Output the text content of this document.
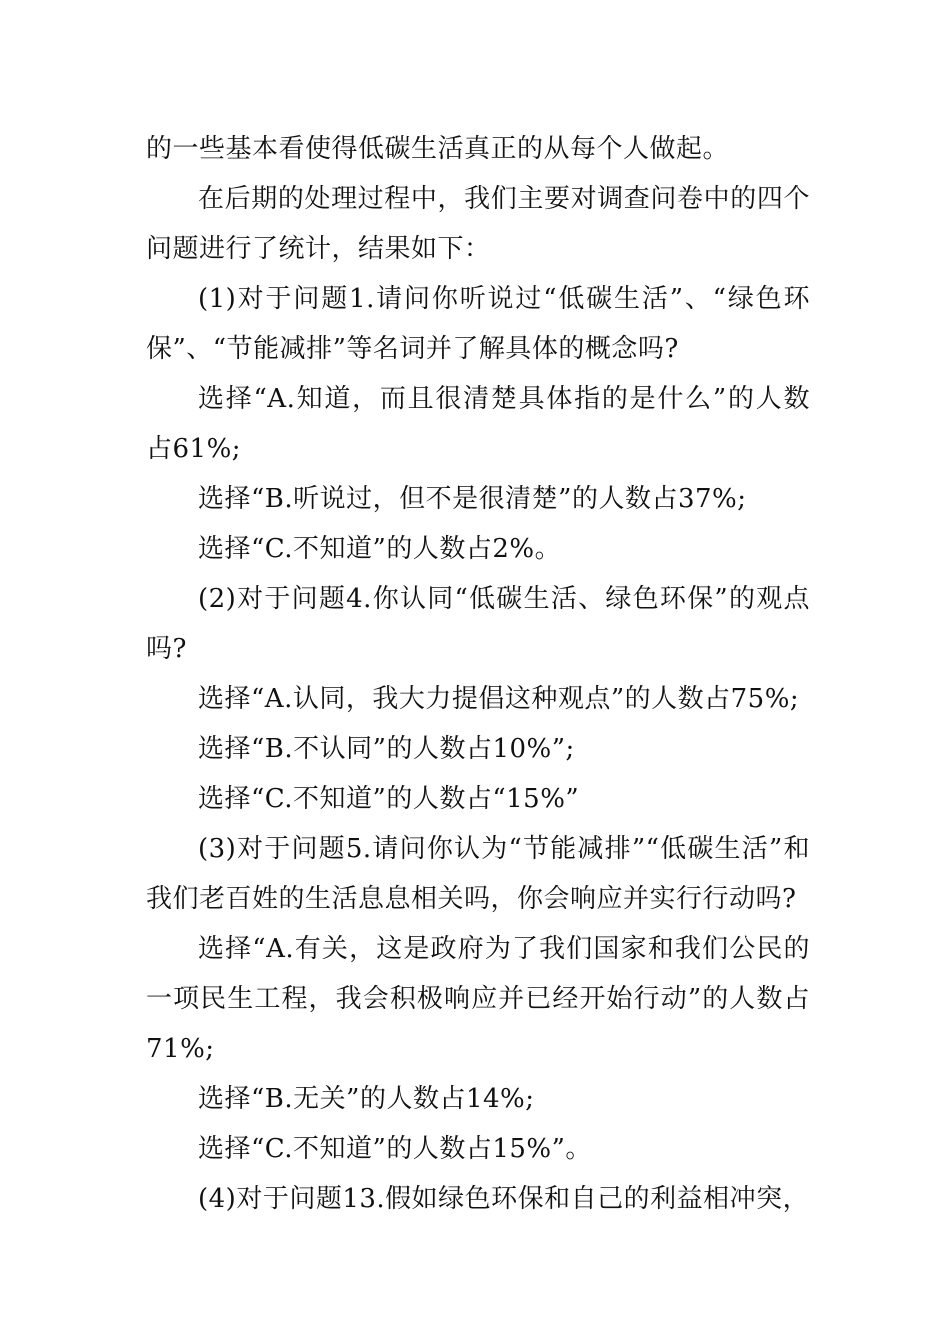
的一些基本看使得低碳生活真正的从每个人做起。

在后期的处理过程中，我们主要对调查问卷中的四个问题进行了统计，结果如下：

(1)对于问题1.请问你听说过“低碳生活”、“绿色环保”、“节能减排”等名词并了解具体的概念吗?

选择“A.知道，而且很清楚具体指的是什么”的人数占61%;

选择“B.听说过，但不是很清楚”的人数占37%;

选择“C.不知道”的人数占2%。

(2)对于问题4.你认同“低碳生活、绿色环保”的观点吗?

选择“A.认同，我大力提倡这种观点”的人数占75%;

选择“B.不认同”的人数占10%”;

选择“C.不知道”的人数占“15%”

(3)对于问题5.请问你认为“节能减排”“低碳生活”和我们老百姓的生活息息相关吗，你会响应并实行行动吗?

选择“A.有关，这是政府为了我们国家和我们公民的一项民生工程，我会积极响应并已经开始行动”的人数占71%;

选择“B.无关”的人数占14%;

选择“C.不知道”的人数占15%”。

(4)对于问题13.假如绿色环保和自己的利益相冲突，
